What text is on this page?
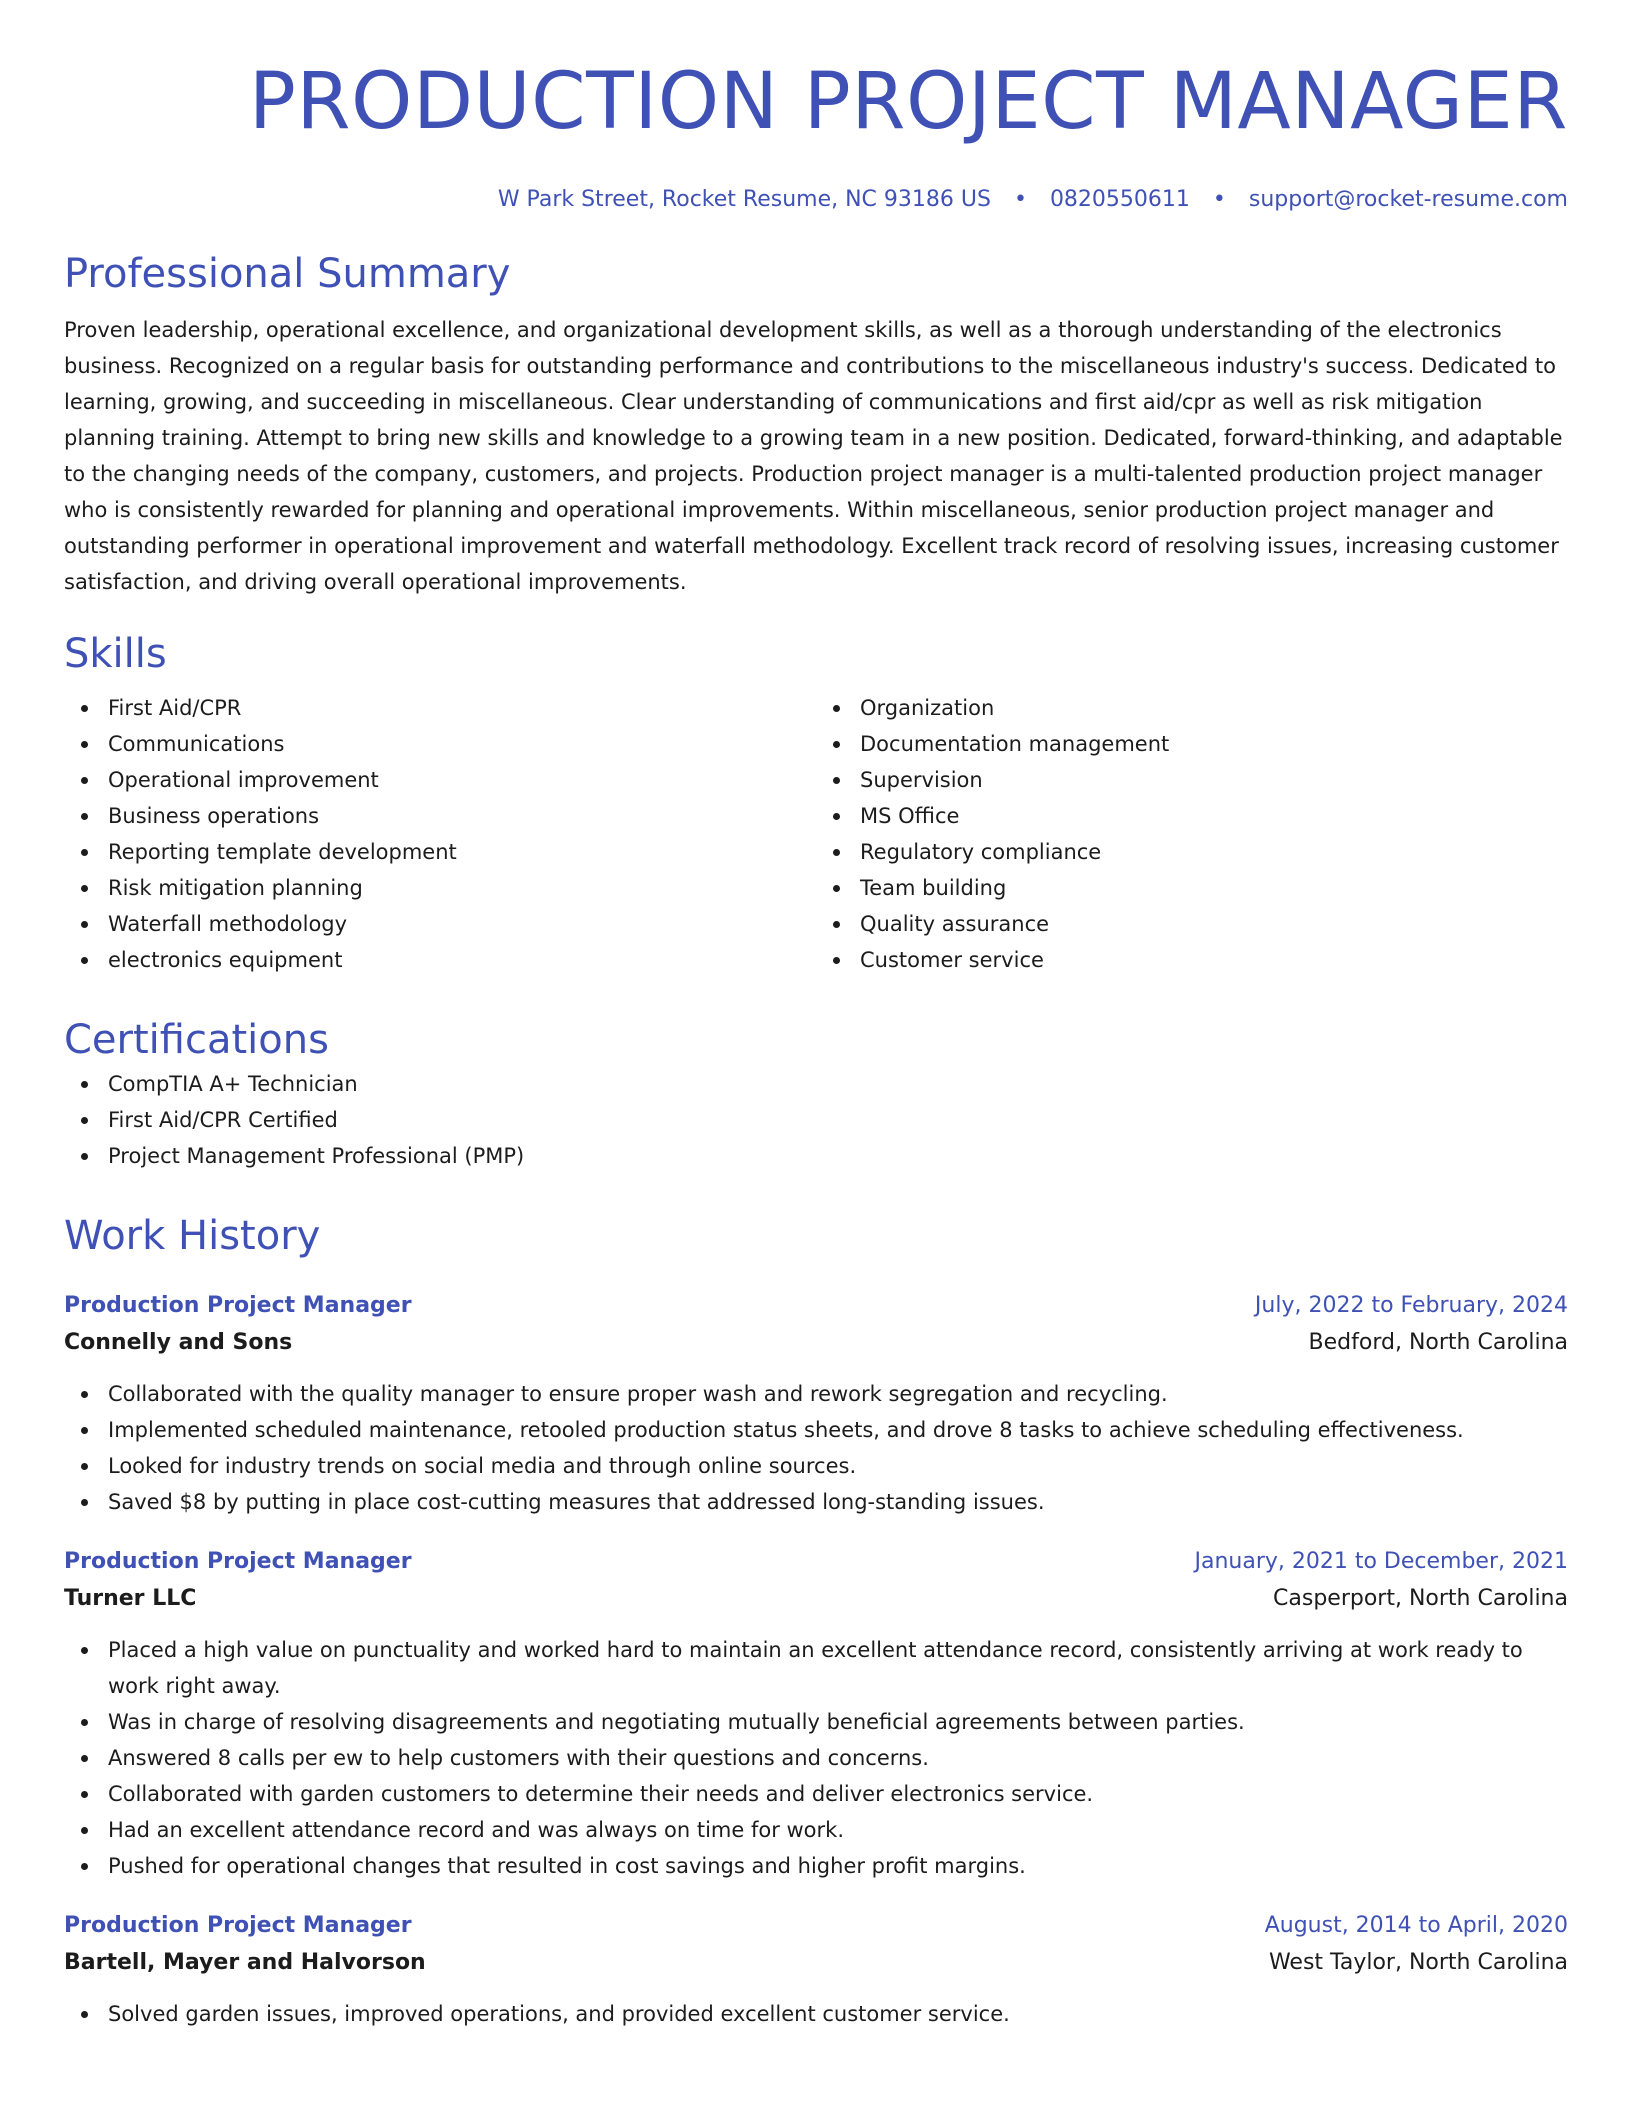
PRODUCTION PROJECT MANAGER
W Park Street, Rocket Resume, NC 93186 US • 0820550611 • support@rocket-resume.com
Professional Summary

Proven leadership, operational excellence, and organizational development skills, as well as a thorough understanding of the electronics business. Recognized on a regular basis for outstanding performance and contributions to the miscellaneous industry's success. Dedicated to learning, growing, and succeeding in miscellaneous. Clear understanding of communications and first aid/cpr as well as risk mitigation planning training. Attempt to bring new skills and knowledge to a growing team in a new position. Dedicated, forward-thinking, and adaptable to the changing needs of the company, customers, and projects. Production project manager is a multi-talented production project manager who is consistently rewarded for planning and operational improvements. Within miscellaneous, senior production project manager and outstanding performer in operational improvement and waterfall methodology. Excellent track record of resolving issues, increasing customer satisfaction, and driving overall operational improvements.

Skills
First Aid/CPR
Communications
Operational improvement
Business operations
Reporting template development
Risk mitigation planning
Waterfall methodology
electronics equipment
Organization
Documentation management
Supervision
MS Office
Regulatory compliance
Team building
Quality assurance
Customer service
Certifications
CompTIA A+ Technician
First Aid/CPR Certified
Project Management Professional (PMP)
Work History
Production Project Manager	July, 2022 to February, 2024
Connelly and Sons	Bedford, North Carolina
Collaborated with the quality manager to ensure proper wash and rework segregation and recycling.
Implemented scheduled maintenance, retooled production status sheets, and drove 8 tasks to achieve scheduling effectiveness.
Looked for industry trends on social media and through online sources.
Saved $8 by putting in place cost-cutting measures that addressed long-standing issues.
Production Project Manager	January, 2021 to December, 2021
Turner LLC	Casperport, North Carolina
Placed a high value on punctuality and worked hard to maintain an excellent attendance record, consistently arriving at work ready to work right away.
Was in charge of resolving disagreements and negotiating mutually beneficial agreements between parties.
Answered 8 calls per ew to help customers with their questions and concerns.
Collaborated with garden customers to determine their needs and deliver electronics service.
Had an excellent attendance record and was always on time for work.
Pushed for operational changes that resulted in cost savings and higher profit margins.
Production Project Manager	August, 2014 to April, 2020
Bartell, Mayer and Halvorson	West Taylor, North Carolina
Solved garden issues, improved operations, and provided excellent customer service.
